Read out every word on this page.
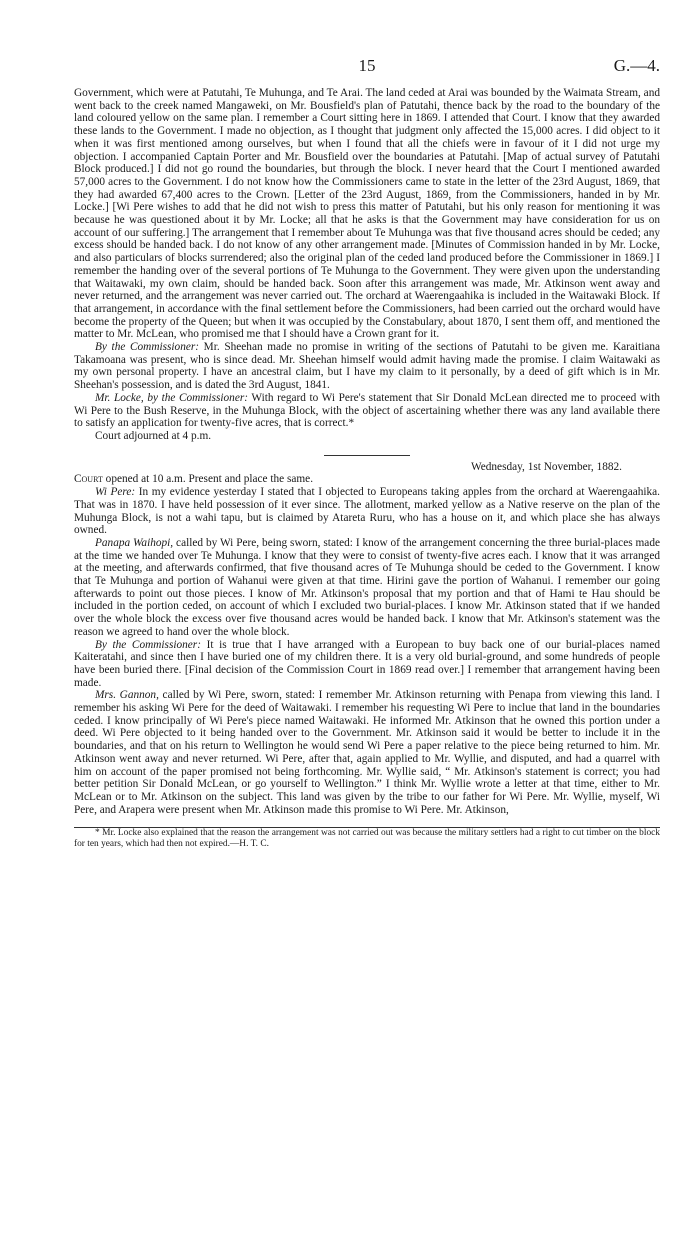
15	G.—4.

Government, which were at Patutahi, Te Muhunga, and Te Arai. The land ceded at Arai was bounded by the Waimata Stream, and went back to the creek named Mangaweki, on Mr. Bousfield's plan of Patutahi, thence back by the road to the boundary of the land coloured yellow on the same plan. I remember a Court sitting here in 1869. I attended that Court. I know that they awarded these lands to the Government. I made no objection, as I thought that judgment only affected the 15,000 acres. I did object to it when it was first mentioned among ourselves, but when I found that all the chiefs were in favour of it I did not urge my objection. I accompanied Captain Porter and Mr. Bousfield over the boundaries at Patutahi. [Map of actual survey of Patutahi Block produced.] I did not go round the boundaries, but through the block. I never heard that the Court I mentioned awarded 57,000 acres to the Government. I do not know how the Commissioners came to state in the letter of the 23rd August, 1869, that they had awarded 67,400 acres to the Crown. [Letter of the 23rd August, 1869, from the Commissioners, handed in by Mr. Locke.] [Wi Pere wishes to add that he did not wish to press this matter of Patutahi, but his only reason for mentioning it was because he was questioned about it by Mr. Locke; all that he asks is that the Government may have consideration for us on account of our suffering.] The arrangement that I remember about Te Muhunga was that five thousand acres should be ceded; any excess should be handed back. I do not know of any other arrangement made. [Minutes of Commission handed in by Mr. Locke, and also particulars of blocks surrendered; also the original plan of the ceded land produced before the Commissioner in 1869.] I remember the handing over of the several portions of Te Muhunga to the Government. They were given upon the understanding that Waitawaki, my own claim, should be handed back. Soon after this arrangement was made, Mr. Atkinson went away and never returned, and the arrangement was never carried out. The orchard at Waerengaahika is included in the Waitawaki Block. If that arrangement, in accordance with the final settlement before the Commissioners, had been carried out the orchard would have become the property of the Queen; but when it was occupied by the Constabulary, about 1870, I sent them off, and mentioned the matter to Mr. McLean, who promised me that I should have a Crown grant for it.

By the Commissioner: Mr. Sheehan made no promise in writing of the sections of Patutahi to be given me. Karaitiana Takamoana was present, who is since dead. Mr. Sheehan himself would admit having made the promise. I claim Waitawaki as my own personal property. I have an ancestral claim, but I have my claim to it personally, by a deed of gift which is in Mr. Sheehan's possession, and is dated the 3rd August, 1841.

Mr. Locke, by the Commissioner: With regard to Wi Pere's statement that Sir Donald McLean directed me to proceed with Wi Pere to the Bush Reserve, in the Muhunga Block, with the object of ascertaining whether there was any land available there to satisfy an application for twenty-five acres, that is correct.*

Court adjourned at 4 p.m.

Wednesday, 1st November, 1882.

Court opened at 10 a.m. Present and place the same.

Wi Pere: In my evidence yesterday I stated that I objected to Europeans taking apples from the orchard at Waerengaahika. That was in 1870. I have held possession of it ever since. The allotment, marked yellow as a Native reserve on the plan of the Muhunga Block, is not a wahi tapu, but is claimed by Atareta Ruru, who has a house on it, and which place she has always owned.

Panapa Waihopi, called by Wi Pere, being sworn, stated: I know of the arrangement concerning the three burial-places made at the time we handed over Te Muhunga. I know that they were to consist of twenty-five acres each. I know that it was arranged at the meeting, and afterwards confirmed, that five thousand acres of Te Muhunga should be ceded to the Government. I know that Te Muhunga and portion of Wahanui were given at that time. Hirini gave the portion of Wahanui. I remember our going afterwards to point out those pieces. I know of Mr. Atkinson's proposal that my portion and that of Hami te Hau should be included in the portion ceded, on account of which I excluded two burial-places. I know Mr. Atkinson stated that if we handed over the whole block the excess over five thousand acres would be handed back. I know that Mr. Atkinson's statement was the reason we agreed to hand over the whole block.

By the Commissioner: It is true that I have arranged with a European to buy back one of our burial-places named Kaiteratahi, and since then I have buried one of my children there. It is a very old burial-ground, and some hundreds of people have been buried there. [Final decision of the Commission Court in 1869 read over.] I remember that arrangement having been made.

Mrs. Gannon, called by Wi Pere, sworn, stated: I remember Mr. Atkinson returning with Penapa from viewing this land. I remember his asking Wi Pere for the deed of Waitawaki. I remember his requesting Wi Pere to inclue that land in the boundaries ceded. I know principally of Wi Pere's piece named Waitawaki. He informed Mr. Atkinson that he owned this portion under a deed. Wi Pere objected to it being handed over to the Government. Mr. Atkinson said it would be better to include it in the boundaries, and that on his return to Wellington he would send Wi Pere a paper relative to the piece being returned to him. Mr. Atkinson went away and never returned. Wi Pere, after that, again applied to Mr. Wyllie, and disputed, and had a quarrel with him on account of the paper promised not being forthcoming. Mr. Wyllie said, “ Mr. Atkinson's statement is correct; you had better petition Sir Donald McLean, or go yourself to Wellington.” I think Mr. Wyllie wrote a letter at that time, either to Mr. McLean or to Mr. Atkinson on the subject. This land was given by the tribe to our father for Wi Pere. Mr. Wyllie, myself, Wi Pere, and Arapera were present when Mr. Atkinson made this promise to Wi Pere. Mr. Atkinson,

* Mr. Locke also explained that the reason the arrangement was not carried out was because the military settlers had a right to cut timber on the block for ten years, which had then not expired.—H. T. C.
